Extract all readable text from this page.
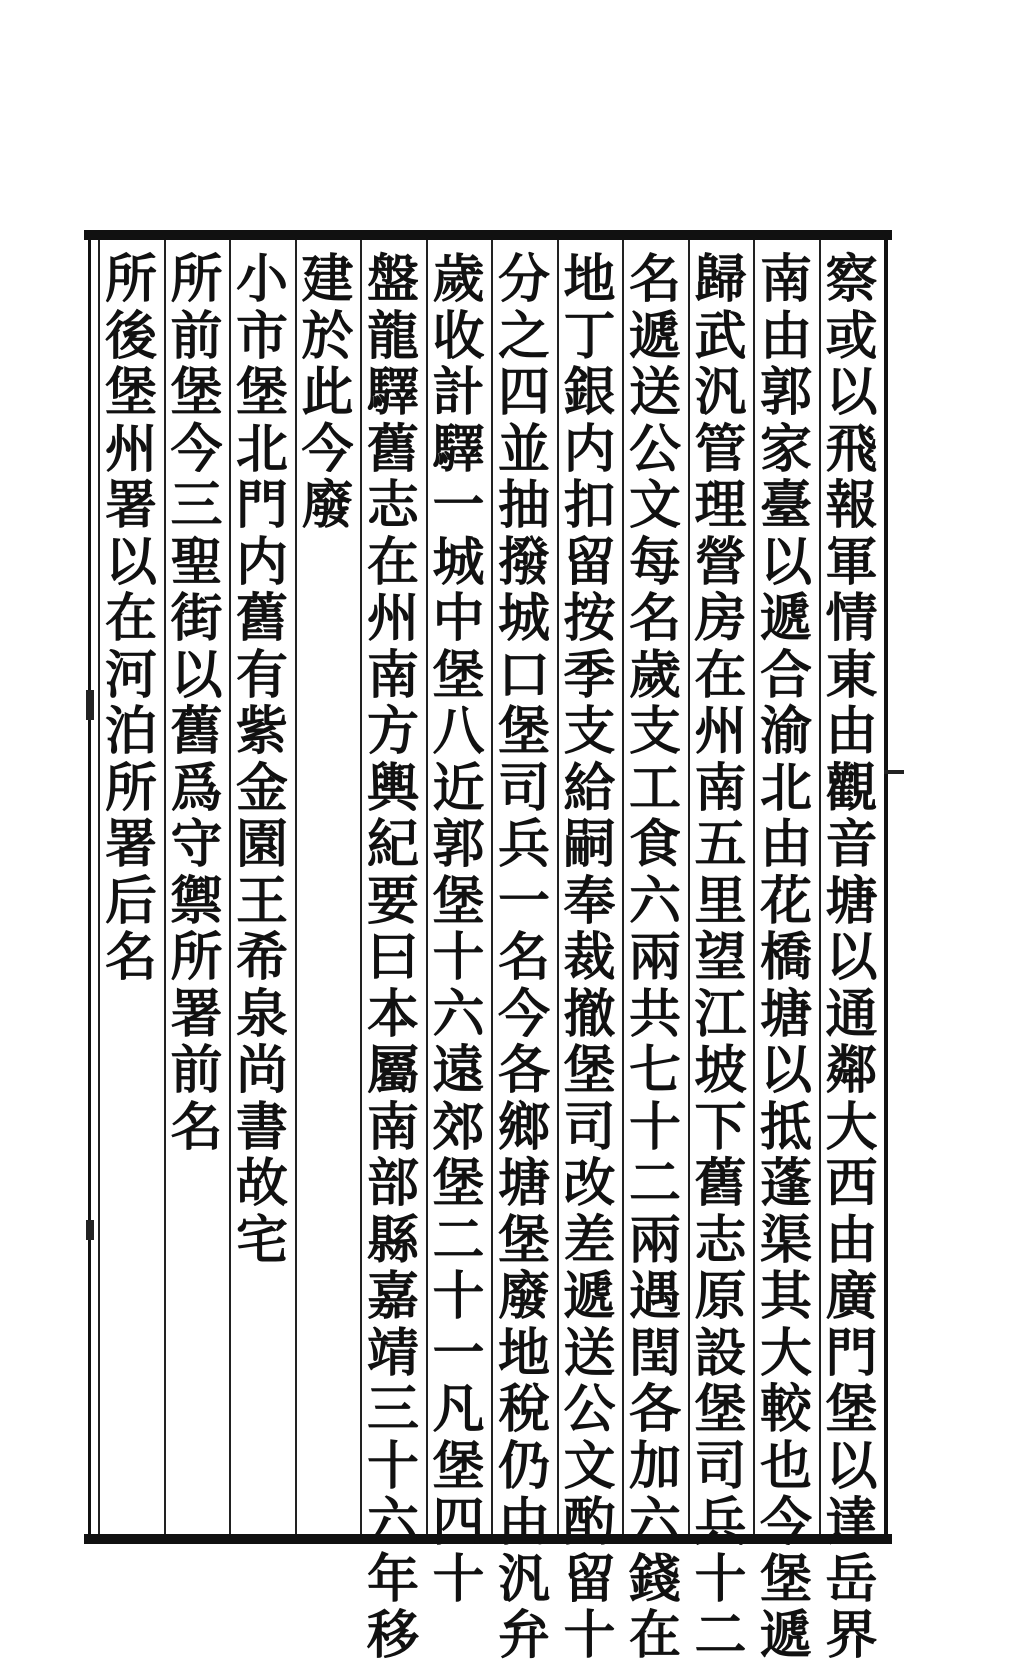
察
或
以
飛
報
軍
情
東
由
觀
音
塘
以
通
鄰
大
西
由
廣
門
堡
以
達
岳
界
南
由
郭
家
臺
以
遞
合
渝
北
由
花
橋
塘
以
抵
蓬
渠
其
大
較
也
今
堡
遞
歸
武
汎
管
理
營
房
在
州
南
五
里
望
江
坡
下
舊
志
原
設
堡
司
兵
十
二
名
遞
送
公
文
每
名
歲
支
工
食
六
兩
共
七
十
二
兩
遇
閏
各
加
六
錢
在
地
丁
銀
内
扣
留
按
季
支
給
嗣
奉
裁
撤
堡
司
改
差
遞
送
公
文
酌
留
十
分
之
四
並
抽
撥
城
口
堡
司
兵
一
名
今
各
鄉
塘
堡
廢
地
稅
仍
由
汎
弁
歲
收
計
驛
一
城
中
堡
八
近
郭
堡
十
六
遠
郊
堡
二
十
一
凡
堡
四
十
盤
龍
驛
舊
志
在
州
南
方
輿
紀
要
曰
本
屬
南
部
縣
嘉
靖
三
十
六
年
移
建
於
此
今
廢
小
市
堡
北
門
内
舊
有
紫
金
園
王
希
泉
尚
書
故
宅
所
前
堡
今
三
聖
街
以
舊
爲
守
禦
所
署
前
名
所
後
堡
州
署
以
在
河
泊
所
署
后
名
